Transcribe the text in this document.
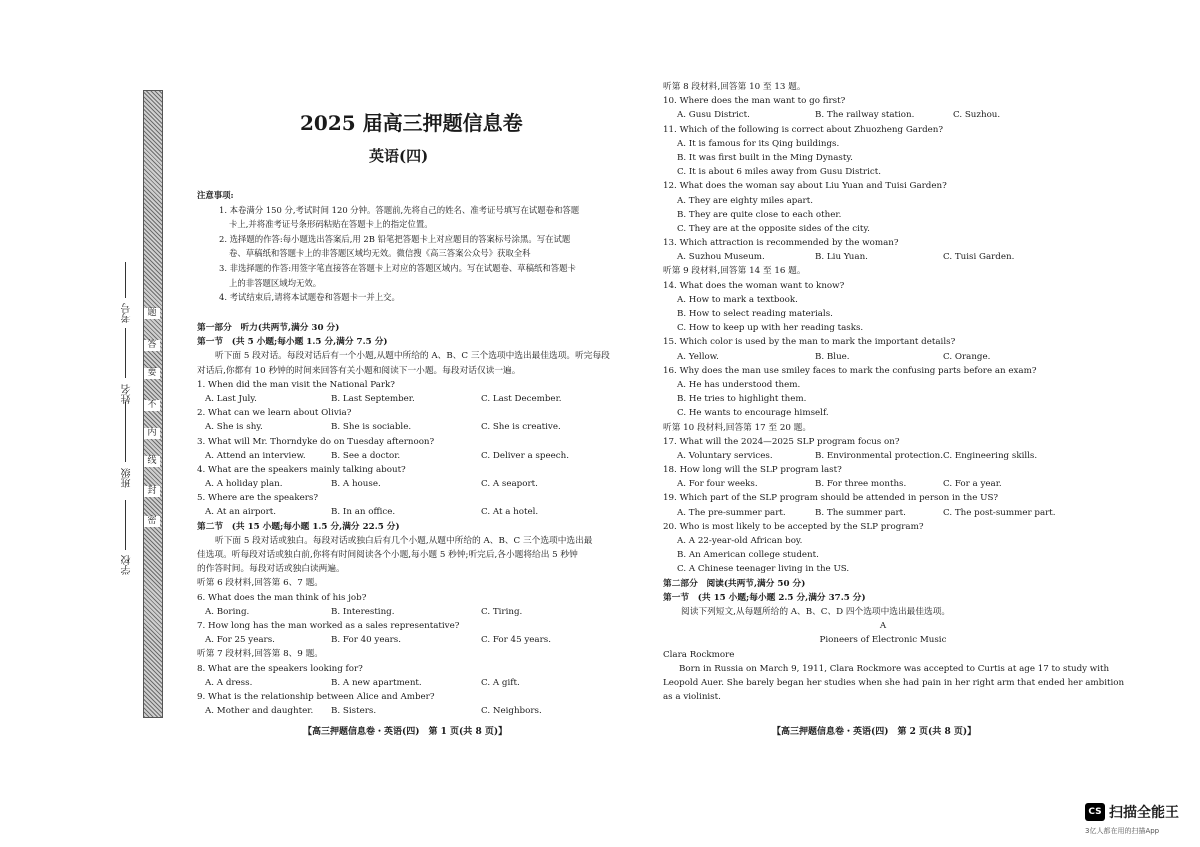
题
答
要
不
内
线
封
密
学校
班级
姓名
考号
2025 届高三押题信息卷
英语(四)
注意事项:
1. 本卷满分 150 分,考试时间 120 分钟。答题前,先将自己的姓名、准考证号填写在试题卷和答题
卡上,并将准考证号条形码粘贴在答题卡上的指定位置。
2. 选择题的作答:每小题选出答案后,用 2B 铅笔把答题卡上对应题目的答案标号涂黑。写在试题
卷、草稿纸和答题卡上的非答题区域均无效。微信搜《高三答案公众号》获取全科
3. 非选择题的作答:用签字笔直接答在答题卡上对应的答题区域内。写在试题卷、草稿纸和答题卡
上的非答题区域均无效。
4. 考试结束后,请将本试题卷和答题卡一并上交。
第一部分　听力(共两节,满分 30 分)
第一节　(共 5 小题;每小题 1.5 分,满分 7.5 分)
听下面 5 段对话。每段对话后有一个小题,从题中所给的 A、B、C 三个选项中选出最佳选项。听完每段
对话后,你都有 10 秒钟的时间来回答有关小题和阅读下一小题。每段对话仅读一遍。
1. When did the man visit the National Park?
A. Last July.	B. Last September.	C. Last December.
2. What can we learn about Olivia?
A. She is shy.	B. She is sociable.	C. She is creative.
3. What will Mr. Thorndyke do on Tuesday afternoon?
A. Attend an interview.	B. See a doctor.	C. Deliver a speech.
4. What are the speakers mainly talking about?
A. A holiday plan.	B. A house.	C. A seaport.
5. Where are the speakers?
A. At an airport.	B. In an office.	C. At a hotel.
第二节　(共 15 小题;每小题 1.5 分,满分 22.5 分)
听下面 5 段对话或独白。每段对话或独白后有几个小题,从题中所给的 A、B、C 三个选项中选出最
佳选项。听每段对话或独白前,你将有时间阅读各个小题,每小题 5 秒钟;听完后,各小题将给出 5 秒钟
的作答时间。每段对话或独白读两遍。
听第 6 段材料,回答第 6、7 题。
6. What does the man think of his job?
A. Boring.	B. Interesting.	C. Tiring.
7. How long has the man worked as a sales representative?
A. For 25 years.	B. For 40 years.	C. For 45 years.
听第 7 段材料,回答第 8、9 题。
8. What are the speakers looking for?
A. A dress.	B. A new apartment.	C. A gift.
9. What is the relationship between Alice and Amber?
A. Mother and daughter.	B. Sisters.	C. Neighbors.
【高三押题信息卷・英语(四)　第 1 页(共 8 页)】
听第 8 段材料,回答第 10 至 13 题。
10. Where does the man want to go first?
A. Gusu District.	B. The railway station.	C. Suzhou.
11. Which of the following is correct about Zhuozheng Garden?
A. It is famous for its Qing buildings.
B. It was first built in the Ming Dynasty.
C. It is about 6 miles away from Gusu District.
12. What does the woman say about Liu Yuan and Tuisi Garden?
A. They are eighty miles apart.
B. They are quite close to each other.
C. They are at the opposite sides of the city.
13. Which attraction is recommended by the woman?
A. Suzhou Museum.	B. Liu Yuan.	C. Tuisi Garden.
听第 9 段材料,回答第 14 至 16 题。
14. What does the woman want to know?
A. How to mark a textbook.
B. How to select reading materials.
C. How to keep up with her reading tasks.
15. Which color is used by the man to mark the important details?
A. Yellow.	B. Blue.	C. Orange.
16. Why does the man use smiley faces to mark the confusing parts before an exam?
A. He has understood them.
B. He tries to highlight them.
C. He wants to encourage himself.
听第 10 段材料,回答第 17 至 20 题。
17. What will the 2024—2025 SLP program focus on?
A. Voluntary services.	B. Environmental protection. C. Engineering skills.
18. How long will the SLP program last?
A. For four weeks.	B. For three months.	C. For a year.
19. Which part of the SLP program should be attended in person in the US?
A. The pre-summer part.	B. The summer part.	C. The post-summer part.
20. Who is most likely to be accepted by the SLP program?
A. A 22-year-old African boy.
B. An American college student.
C. A Chinese teenager living in the US.
第二部分　阅读(共两节,满分 50 分)
第一节　(共 15 小题;每小题 2.5 分,满分 37.5 分)
阅读下列短文,从每题所给的 A、B、C、D 四个选项中选出最佳选项。
A
Pioneers of Electronic Music
Clara Rockmore
Born in Russia on March 9, 1911, Clara Rockmore was accepted to Curtis at age 17 to study with
Leopold Auer. She barely began her studies when she had pain in her right arm that ended her ambition
as a violinist.
【高三押题信息卷・英语(四)　第 2 页(共 8 页)】
CS 扫描全能王
3亿人都在用的扫描App
